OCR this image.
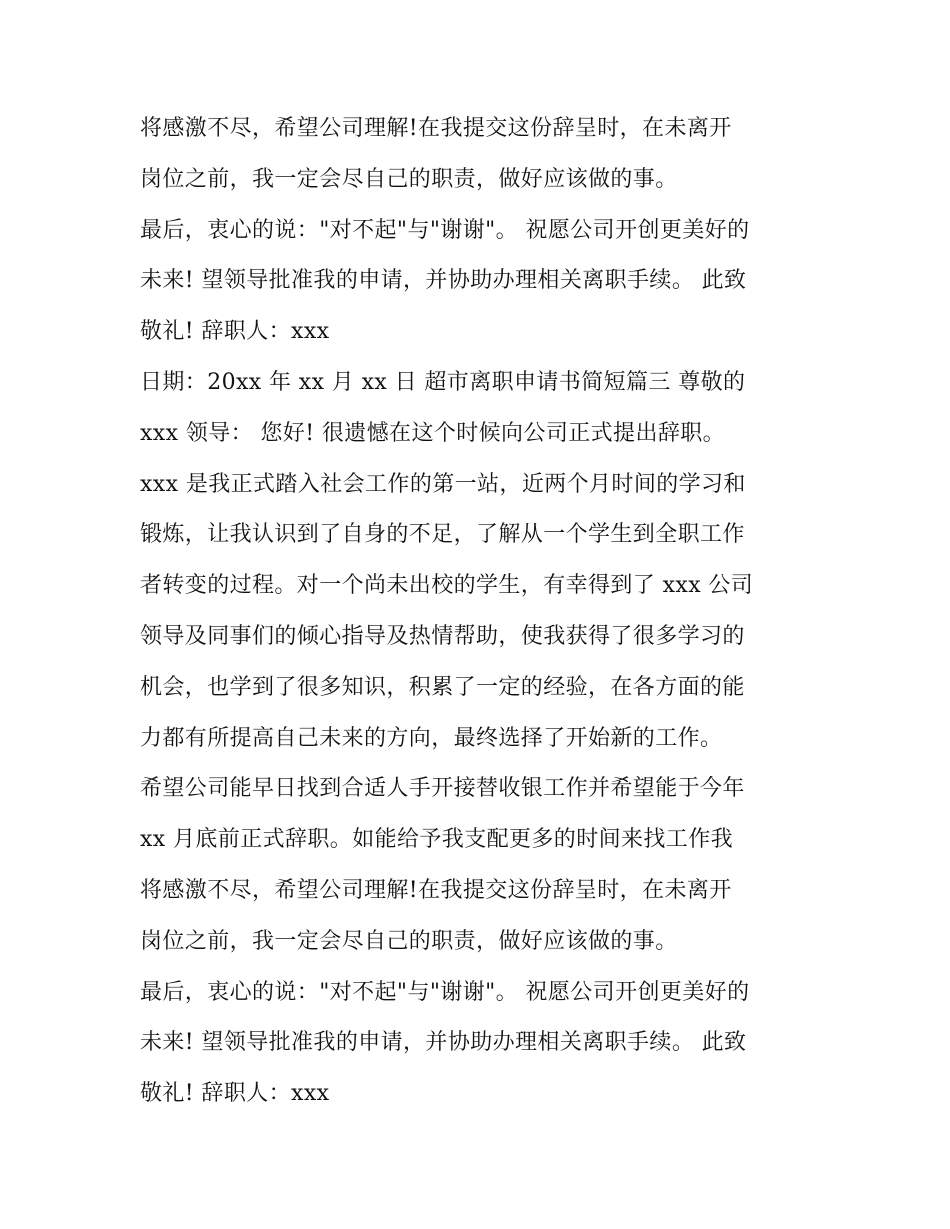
将感激不尽，希望公司理解!在我提交这份辞呈时，在未离开
岗位之前，我一定会尽自己的职责，做好应该做的事。
最后，衷心的说："对不起"与"谢谢"。 祝愿公司开创更美好的
未来! 望领导批准我的申请，并协助办理相关离职手续。 此致
敬礼! 辞职人：xxx
日期：20xx 年 xx 月 xx 日 超市离职申请书简短篇三 尊敬的
xxx 领导： 您好! 很遗憾在这个时候向公司正式提出辞职。
xxx 是我正式踏入社会工作的第一站，近两个月时间的学习和
锻炼，让我认识到了自身的不足，了解从一个学生到全职工作
者转变的过程。对一个尚未出校的学生，有幸得到了 xxx 公司
领导及同事们的倾心指导及热情帮助，使我获得了很多学习的
机会，也学到了很多知识，积累了一定的经验，在各方面的能
力都有所提高自己未来的方向，最终选择了开始新的工作。
希望公司能早日找到合适人手开接替收银工作并希望能于今年
xx 月底前正式辞职。如能给予我支配更多的时间来找工作我
将感激不尽，希望公司理解!在我提交这份辞呈时，在未离开
岗位之前，我一定会尽自己的职责，做好应该做的事。
最后，衷心的说："对不起"与"谢谢"。 祝愿公司开创更美好的
未来! 望领导批准我的申请，并协助办理相关离职手续。 此致
敬礼! 辞职人：xxx
